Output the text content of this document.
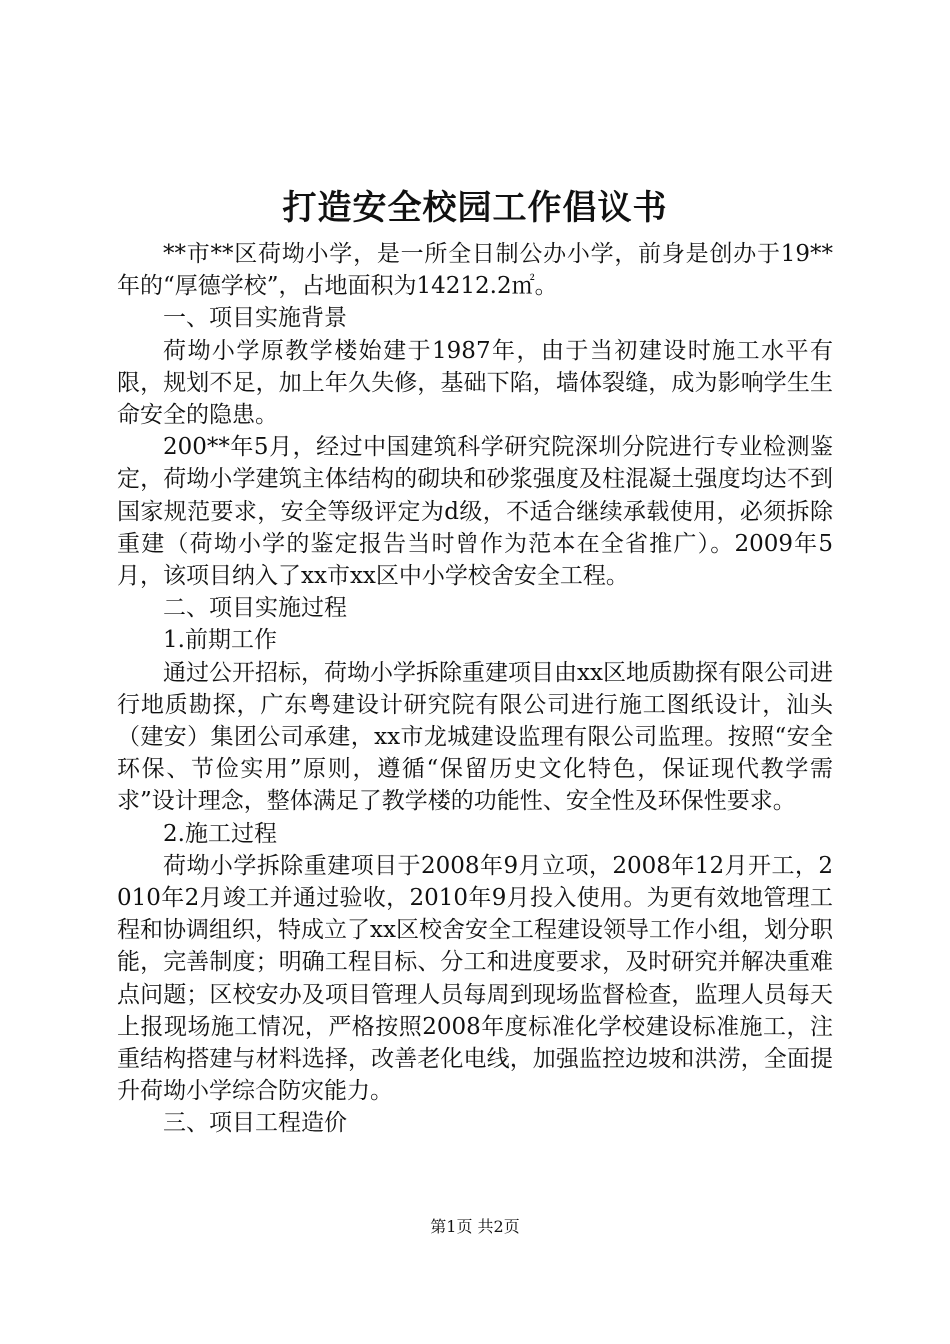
打造安全校园工作倡议书

**市**区荷坳小学，是一所全日制公办小学，前身是创办于19**年的“厚德学校”，占地面积为14212.2㎡。

一、项目实施背景

荷坳小学原教学楼始建于1987年，由于当初建设时施工水平有限，规划不足，加上年久失修，基础下陷，墙体裂缝，成为影响学生生命安全的隐患。

200**年5月，经过中国建筑科学研究院深圳分院进行专业检测鉴定，荷坳小学建筑主体结构的砌块和砂浆强度及柱混凝土强度均达不到国家规范要求，安全等级评定为d级，不适合继续承载使用，必须拆除重建（荷坳小学的鉴定报告当时曾作为范本在全省推广）。2009年5月，该项目纳入了xx市xx区中小学校舍安全工程。

二、项目实施过程

1.前期工作

通过公开招标，荷坳小学拆除重建项目由xx区地质勘探有限公司进行地质勘探，广东粤建设计研究院有限公司进行施工图纸设计，汕头（建安）集团公司承建，xx市龙城建设监理有限公司监理。按照“安全环保、节俭实用”原则，遵循“保留历史文化特色，保证现代教学需求”设计理念，整体满足了教学楼的功能性、安全性及环保性要求。

2.施工过程

荷坳小学拆除重建项目于2008年9月立项，2008年12月开工，2010年2月竣工并通过验收，2010年9月投入使用。为更有效地管理工程和协调组织，特成立了xx区校舍安全工程建设领导工作小组，划分职能，完善制度；明确工程目标、分工和进度要求，及时研究并解决重难点问题；区校安办及项目管理人员每周到现场监督检查，监理人员每天上报现场施工情况，严格按照2008年度标准化学校建设标准施工，注重结构搭建与材料选择，改善老化电线，加强监控边坡和洪涝，全面提升荷坳小学综合防灾能力。

三、项目工程造价

第1页 共2页
